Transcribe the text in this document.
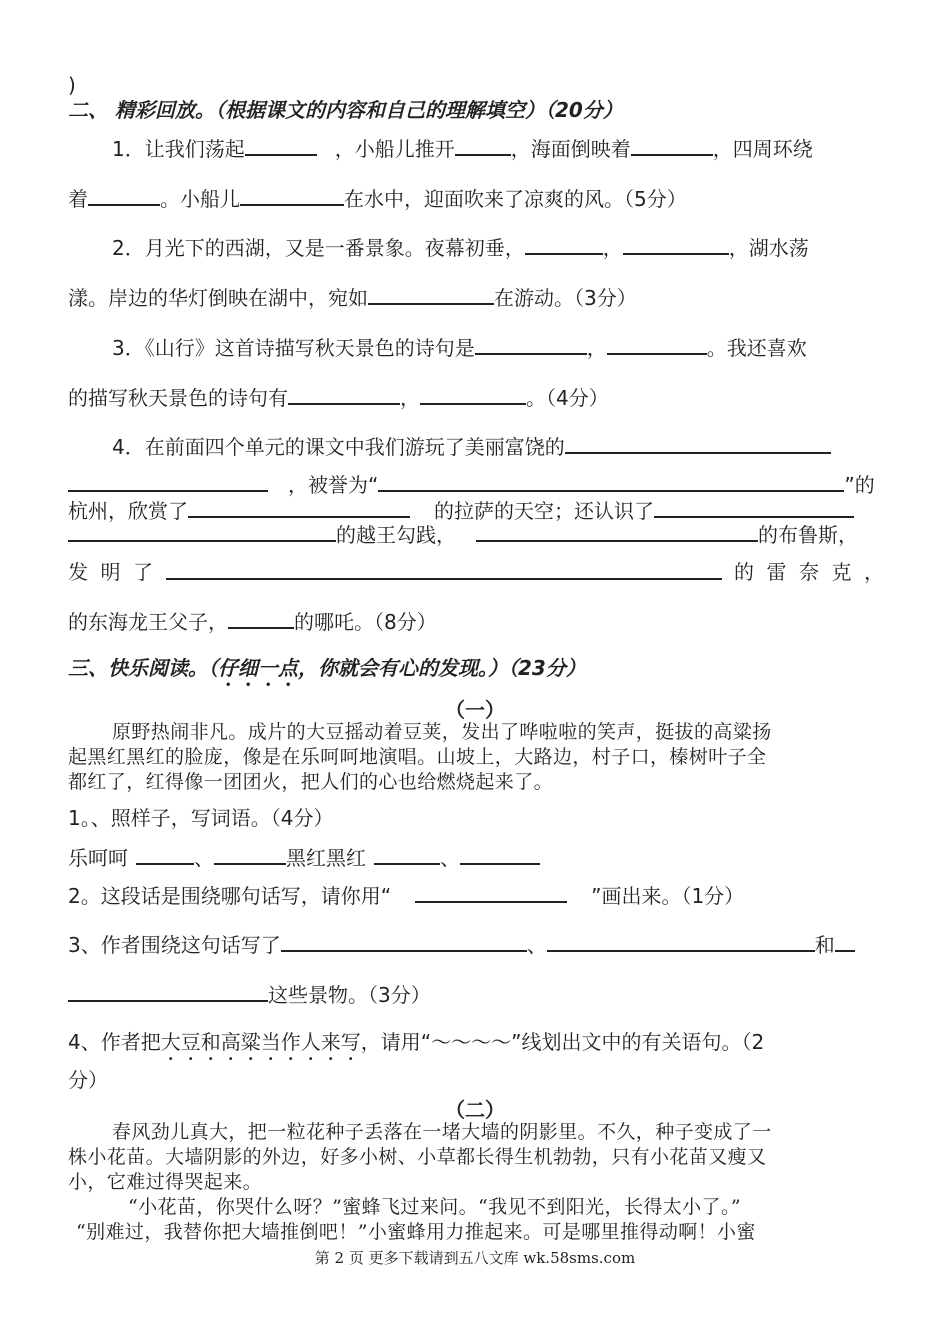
)
二、 精彩回放。（根据课文的内容和自己的理解填空）（20分）
1．让我们荡起	，小船儿推开	，海面倒映着	，四周环绕
着	。小船儿	在水中，迎面吹来了凉爽的风。（5分）
2．月光下的西湖，又是一番景象。夜幕初垂，	，	，湖水荡
漾。岸边的华灯倒映在湖中，宛如	在游动。（3分）
3．《山行》这首诗描写秋天景色的诗句是	，	。我还喜欢
的描写秋天景色的诗句有	，	。（4分）
4．在前面四个单元的课文中我们游玩了美丽富饶的
，被誉为“	”的
杭州，欣赏了	的拉萨的天空；还认识了
的越王勾践，	的布鲁斯，
发 明 了	的 雷 奈 克 ，
的东海龙王父子，	的哪吒。（8分）
三、快乐阅读。（仔细一点，你就会有心的发现。）（23分）
（一）
原野热闹非凡。成片的大豆摇动着豆荚，发出了哗啦啦的笑声，挺拔的高粱扬
起黑红黑红的脸庞，像是在乐呵呵地演唱。山坡上，大路边，村子口，榛树叶子全
都红了，红得像一团团火，把人们的心也给燃烧起来了。
1。、照样子，写词语。（4分）
乐呵呵	、	黑红黑红	、
2。这段话是围绕哪句话写，请你用“	”画出来。（1分）
3、作者围绕这句话写了	、	和
这些景物。（3分）
4、作者把大豆和高粱当作人来写，请用“～～～～”线划出文中的有关语句。（2
分）
（二）
春风劲儿真大，把一粒花种子丢落在一堵大墙的阴影里。不久，种子变成了一
株小花苗。大墙阴影的外边，好多小树、小草都长得生机勃勃，只有小花苗又瘦又
小，它难过得哭起来。
“小花苗，你哭什么呀？”蜜蜂飞过来问。“我见不到阳光，长得太小了。”
“别难过，我替你把大墙推倒吧！”小蜜蜂用力推起来。可是哪里推得动啊！小蜜
第 2 页 更多下载请到五八文库 wk.58sms.com
